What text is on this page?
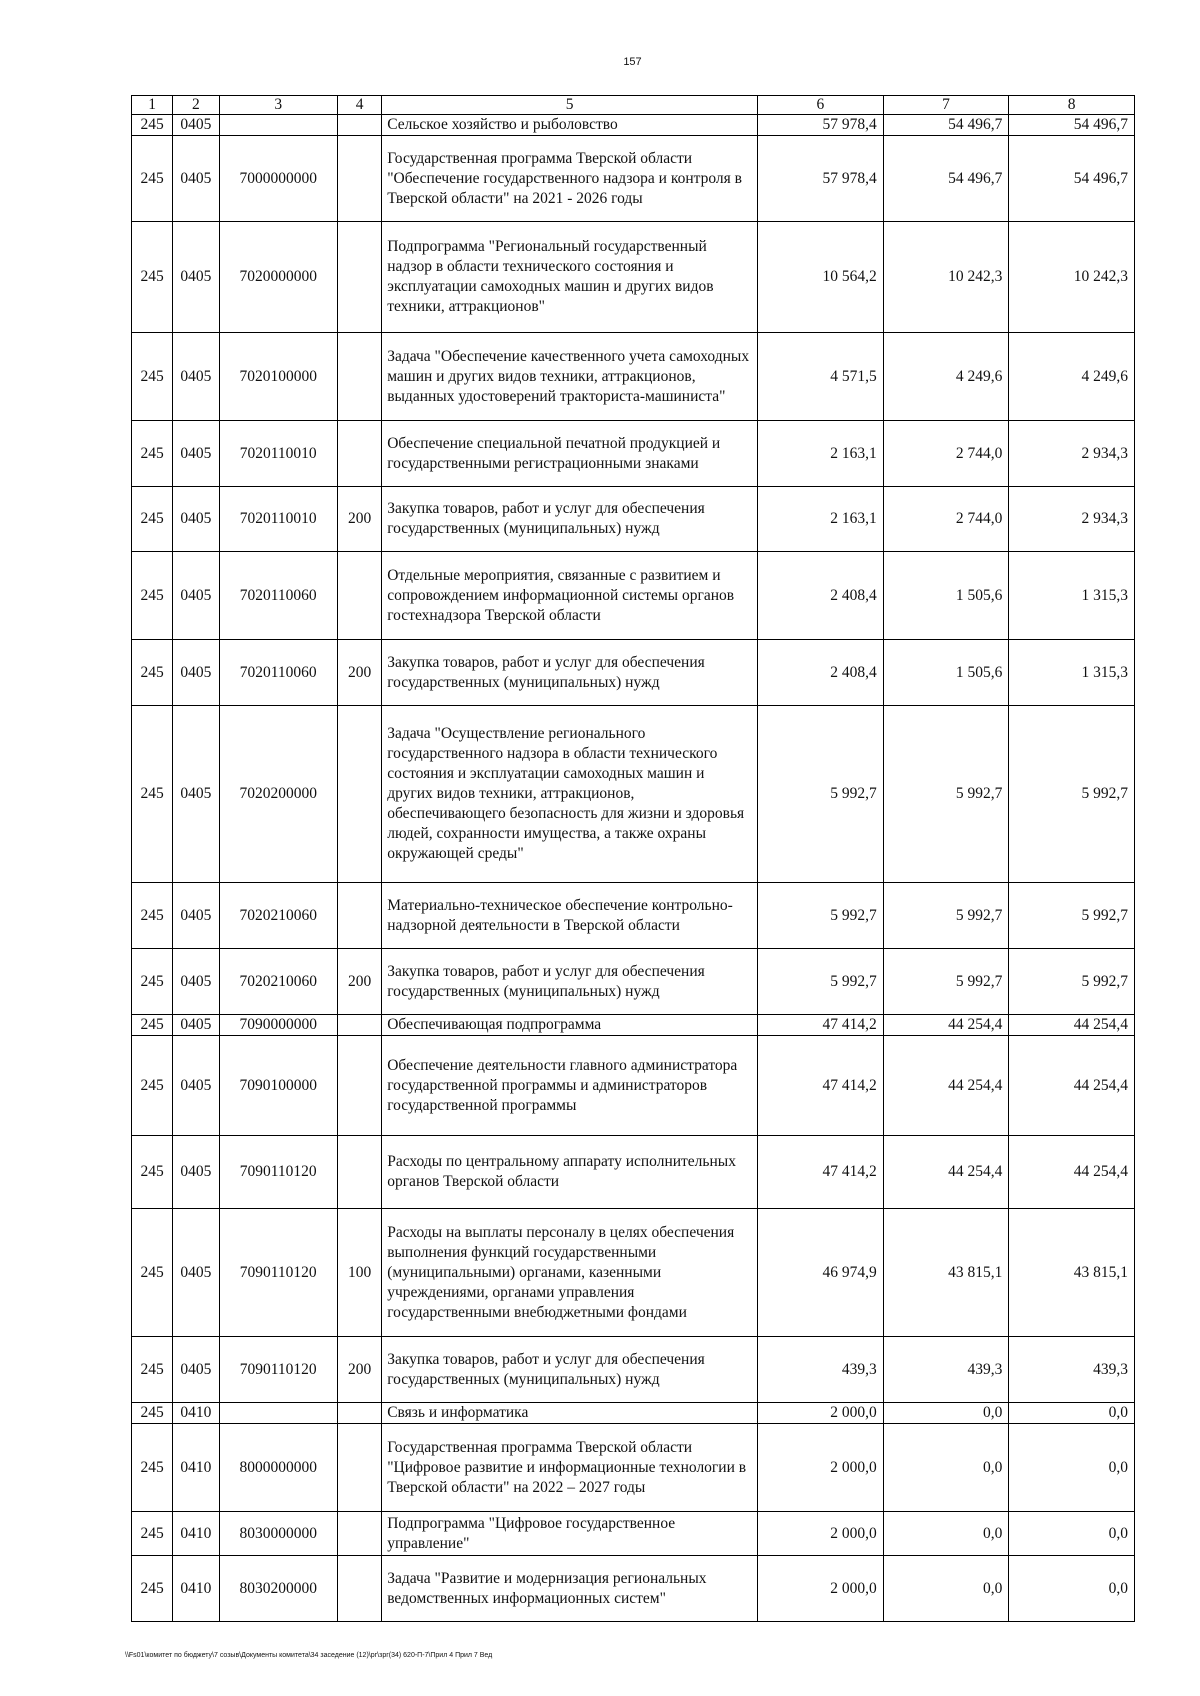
157
1	2	3	4	5	6	7	8
245	0405			Сельское хозяйство и рыболовство	57 978,4	54 496,7	54 496,7
245	0405	7000000000		Государственная программа Тверской области "Обеспечение государственного надзора и контроля в Тверской области" на 2021 - 2026 годы	57 978,4	54 496,7	54 496,7
245	0405	7020000000		Подпрограмма "Региональный государственный надзор в области технического состояния и эксплуатации самоходных машин и других видов техники, аттракционов"	10 564,2	10 242,3	10 242,3
245	0405	7020100000		Задача "Обеспечение качественного учета самоходных машин и других видов техники, аттракционов, выданных удостоверений тракториста-машиниста"	4 571,5	4 249,6	4 249,6
245	0405	7020110010		Обеспечение специальной печатной продукцией и государственными регистрационными знаками	2 163,1	2 744,0	2 934,3
245	0405	7020110010	200	Закупка товаров, работ и услуг для обеспечения государственных (муниципальных) нужд	2 163,1	2 744,0	2 934,3
245	0405	7020110060		Отдельные мероприятия, связанные с развитием и сопровождением информационной системы органов гостехнадзора Тверской области	2 408,4	1 505,6	1 315,3
245	0405	7020110060	200	Закупка товаров, работ и услуг для обеспечения государственных (муниципальных) нужд	2 408,4	1 505,6	1 315,3
245	0405	7020200000		Задача "Осуществление регионального государственного надзора в области технического состояния и эксплуатации самоходных машин и других видов техники, аттракционов, обеспечивающего безопасность для жизни и здоровья людей, сохранности имущества, а также охраны окружающей среды"	5 992,7	5 992,7	5 992,7
245	0405	7020210060		Материально-техническое обеспечение контрольно-надзорной деятельности в Тверской области	5 992,7	5 992,7	5 992,7
245	0405	7020210060	200	Закупка товаров, работ и услуг для обеспечения государственных (муниципальных) нужд	5 992,7	5 992,7	5 992,7
245	0405	7090000000		Обеспечивающая подпрограмма	47 414,2	44 254,4	44 254,4
245	0405	7090100000		Обеспечение деятельности главного администратора государственной программы и администраторов государственной программы	47 414,2	44 254,4	44 254,4
245	0405	7090110120		Расходы по центральному аппарату исполнительных органов Тверской области	47 414,2	44 254,4	44 254,4
245	0405	7090110120	100	Расходы на выплаты персоналу в целях обеспечения выполнения функций государственными (муниципальными) органами, казенными учреждениями, органами управления государственными внебюджетными фондами	46 974,9	43 815,1	43 815,1
245	0405	7090110120	200	Закупка товаров, работ и услуг для обеспечения государственных (муниципальных) нужд	439,3	439,3	439,3
245	0410			Связь и информатика	2 000,0	0,0	0,0
245	0410	8000000000		Государственная программа Тверской области "Цифровое развитие и информационные технологии в Тверской области" на 2022 – 2027 годы	2 000,0	0,0	0,0
245	0410	8030000000		Подпрограмма "Цифровое государственное управление"	2 000,0	0,0	0,0
245	0410	8030200000		Задача "Развитие и модернизация региональных ведомственных информационных систем"	2 000,0	0,0	0,0
\\Fs01\комитет по бюджету\7 созыв\Документы комитета\34 заседение (12)\рг\зрг(34) 620-П-7\Прил 4 Прил 7 Вед
